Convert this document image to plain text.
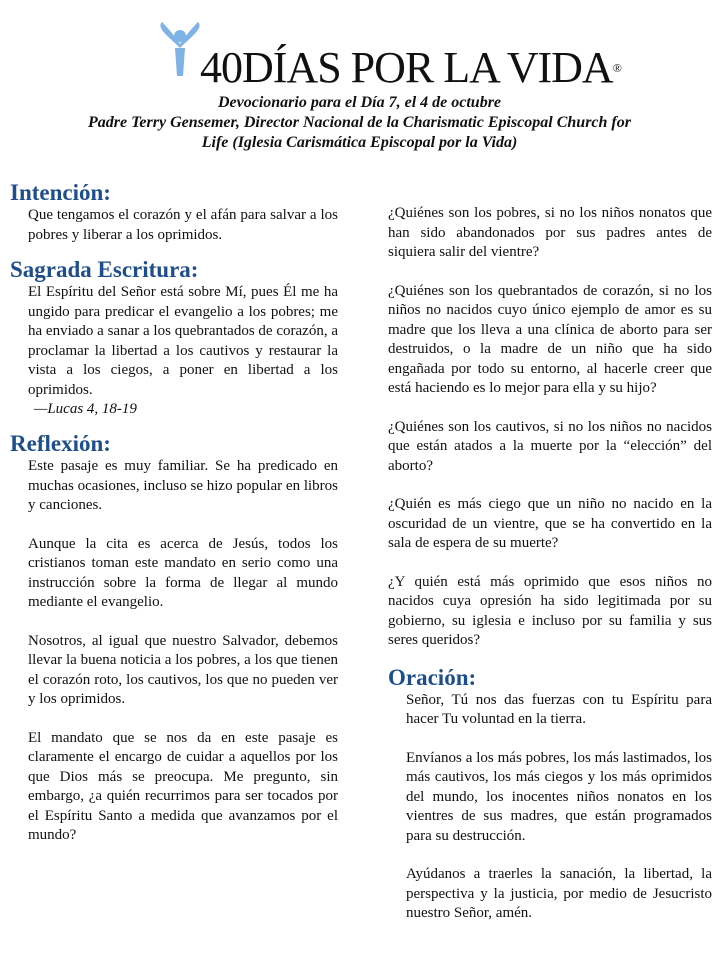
40DÍAS POR LA VIDA®
Devocionario para el Día 7, el 4 de octubre
Padre Terry Gensemer, Director Nacional de la Charismatic Episcopal Church for
Life (Iglesia Carismática Episcopal por la Vida)
Intención:

Que tengamos el corazón y el afán para salvar a los pobres y liberar a los oprimidos.

Sagrada Escritura:

El Espíritu del Señor está sobre Mí, pues Él me ha ungido para predicar el evangelio a los pobres; me ha enviado a sanar a los quebrantados de corazón, a proclamar la libertad a los cautivos y restaurar la vista a los ciegos, a poner en libertad a los oprimidos.

—Lucas 4, 18-19
Reflexión:

Este pasaje es muy familiar. Se ha predicado en muchas ocasiones, incluso se hizo popular en libros y canciones.

Aunque la cita es acerca de Jesús, todos los cristianos toman este mandato en serio como una instrucción sobre la forma de llegar al mundo mediante el evangelio.

Nosotros, al igual que nuestro Salvador, debemos llevar la buena noticia a los pobres, a los que tienen el corazón roto, los cautivos, los que no pueden ver y los oprimidos.

El mandato que se nos da en este pasaje es claramente el encargo de cuidar a aquellos por los que Dios más se preocupa. Me pregunto, sin embargo, ¿a quién recurrimos para ser tocados por el Espíritu Santo a medida que avanzamos por el mundo?

¿Quiénes son los pobres, si no los niños nonatos que han sido abandonados por sus padres antes de siquiera salir del vientre?

¿Quiénes son los quebrantados de corazón, si no los niños no nacidos cuyo único ejemplo de amor es su madre que los lleva a una clínica de aborto para ser destruidos, o la madre de un niño que ha sido engañada por todo su entorno, al hacerle creer que está haciendo es lo mejor para ella y su hijo?

¿Quiénes son los cautivos, si no los niños no nacidos que están atados a la muerte por la “elección” del aborto?

¿Quién es más ciego que un niño no nacido en la oscuridad de un vientre, que se ha convertido en la sala de espera de su muerte?

¿Y quién está más oprimido que esos niños no nacidos cuya opresión ha sido legitimada por su gobierno, su iglesia e incluso por su familia y sus seres queridos?

Oración:

Señor, Tú nos das fuerzas con tu Espíritu para hacer Tu voluntad en la tierra.

Envíanos a los más pobres, los más lastimados, los más cautivos, los más ciegos y los más oprimidos del mundo, los inocentes niños nonatos en los vientres de sus madres, que están programados para su destrucción.

Ayúdanos a traerles la sanación, la libertad, la perspectiva y la justicia, por medio de Jesucristo nuestro Señor, amén.
